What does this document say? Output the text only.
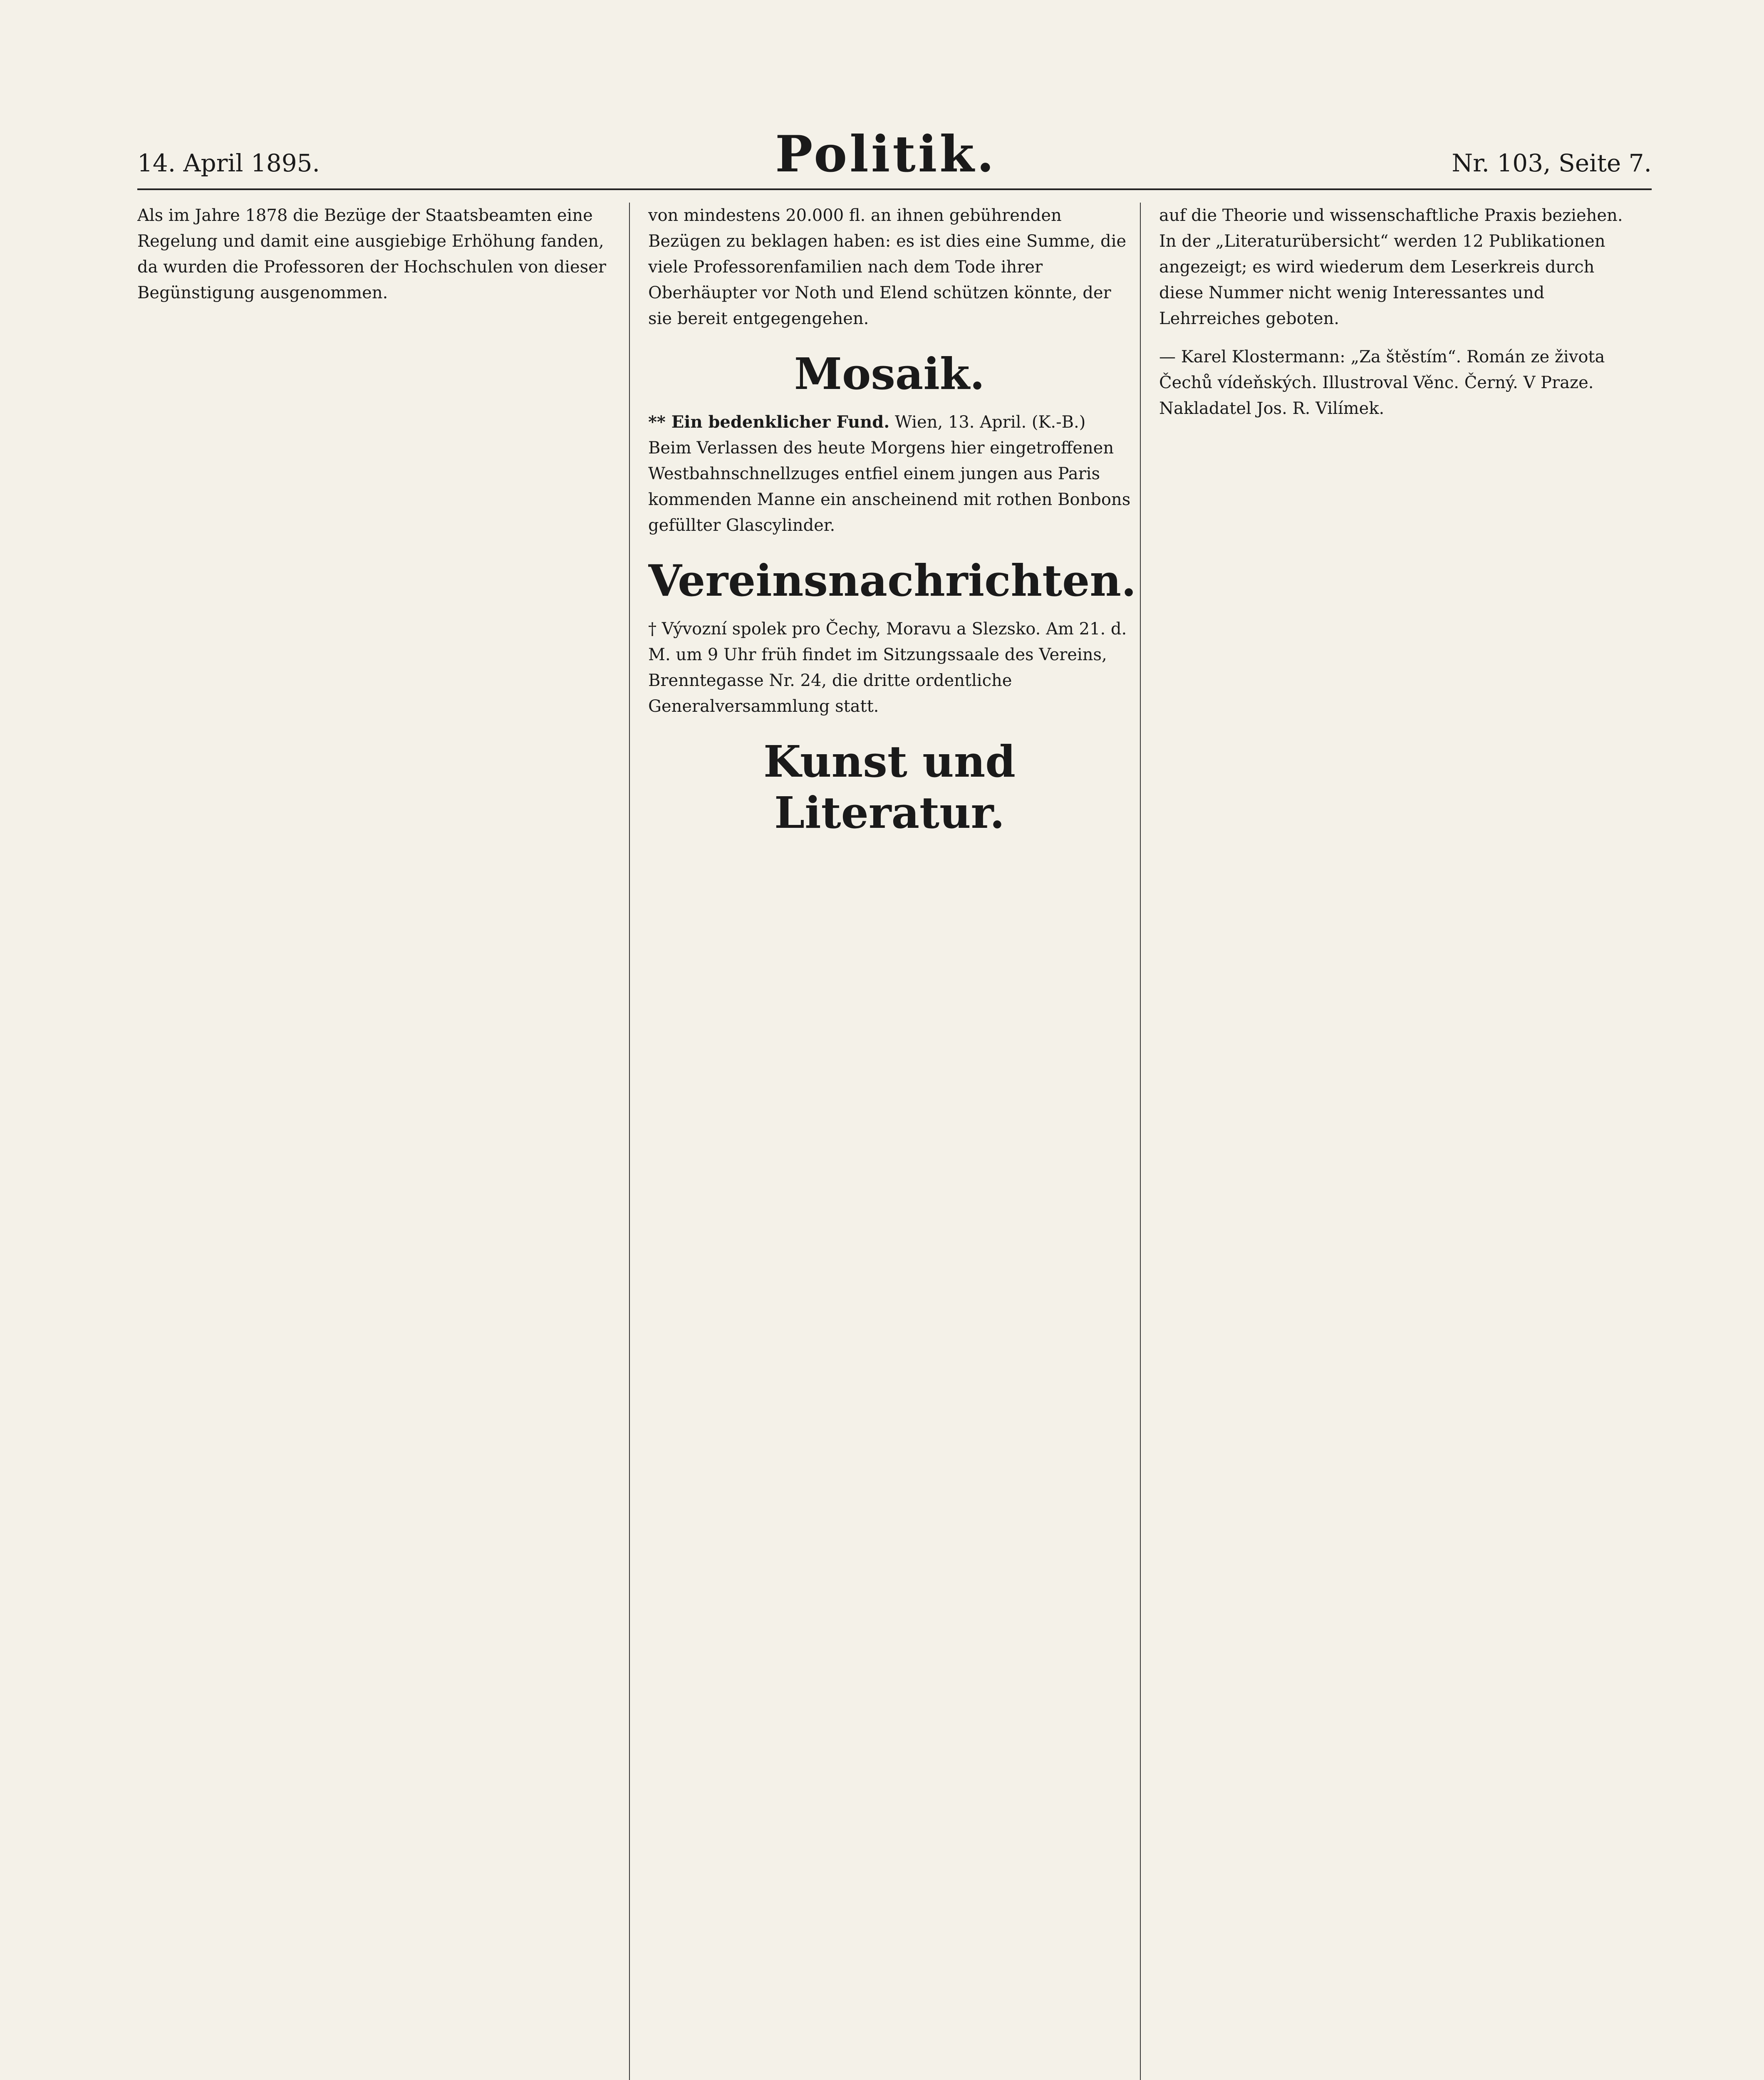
14. April 1895.	Politik.	Nr. 103, Seite 7.

Als im Jahre 1878 die Bezüge der Staatsbeamten eine Regelung und damit eine ausgiebige Erhöhung fanden, da wurden die Professoren der Hochschulen von dieser Begünstigung ausgenommen.

von mindestens 20.000 fl. an ihnen gebührenden Bezügen zu beklagen haben: es ist dies eine Summe, die viele Professorenfamilien nach dem Tode ihrer Oberhäupter vor Noth und Elend schützen könnte, der sie bereit entgegengehen.

Mosaik.

** Ein bedenklicher Fund. Wien, 13. April. (K.-B.) Beim Verlassen des heute Morgens hier eingetroffenen Westbahnschnellzuges entfiel einem jungen aus Paris kommenden Manne ein anscheinend mit rothen Bonbons gefüllter Glascylinder.

Vereinsnachrichten.

† Vývozní spolek pro Čechy, Moravu a Slezsko. Am 21. d. M. um 9 Uhr früh findet im Sitzungssaale des Vereins, Brenntegasse Nr. 24, die dritte ordentliche Generalversammlung statt.

Kunst und Literatur.

auf die Theorie und wissenschaftliche Praxis beziehen. In der „Literaturübersicht“ werden 12 Publikationen angezeigt; es wird wiederum dem Leserkreis durch diese Nummer nicht wenig Interessantes und Lehrreiches geboten.

— Karel Klostermann: „Za štěstím“. Román ze života Čechů vídeňských. Illustroval Věnc. Černý. V Praze. Nakladatel Jos. R. Vilímek.
